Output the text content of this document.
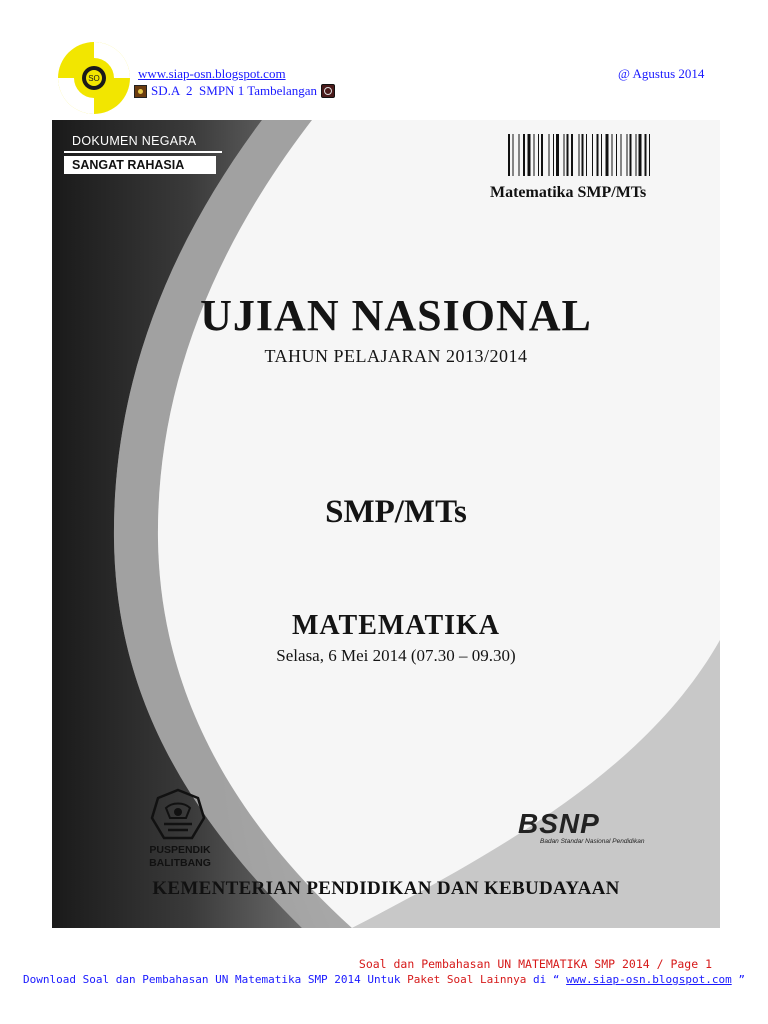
SO	www.siap-osn.blogspot.com	@ Agustus 2014
SD.A  2  SMPN 1 Tambelangan
DOKUMEN NEGARA
SANGAT RAHASIA
Matematika SMP/MTs
UJIAN NASIONAL
TAHUN PELAJARAN 2013/2014
SMP/MTs
MATEMATIKA
Selasa, 6 Mei 2014 (07.30 – 09.30)
PUSPENDIK
BALITBANG
BSNP
Badan Standar Nasional Pendidikan
KEMENTERIAN PENDIDIKAN DAN KEBUDAYAAN
Soal dan Pembahasan UN MATEMATIKA SMP 2014 / Page 1
Download Soal dan Pembahasan UN Matematika SMP 2014 Untuk Paket Soal Lainnya di “ www.siap-osn.blogspot.com ”
